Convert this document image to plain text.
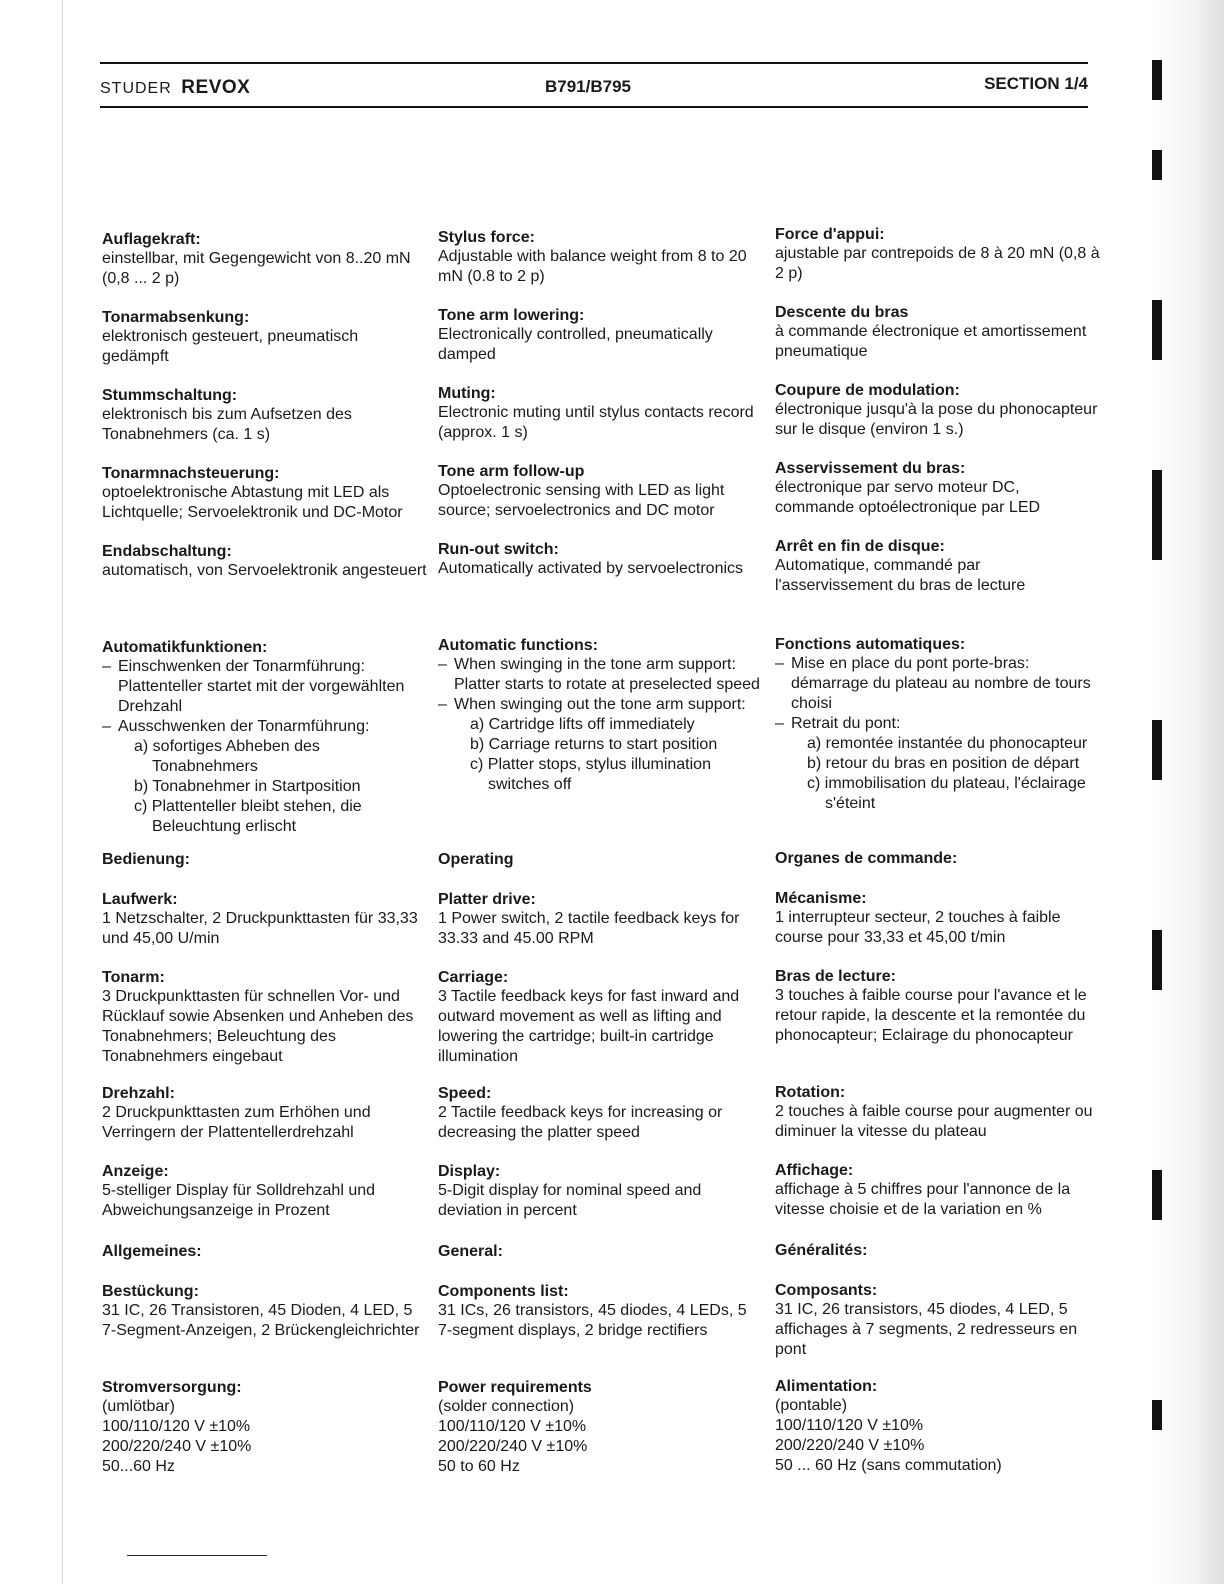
STUDER REVOX	B791/B795	SECTION 1/4
Auflagekraft:

einstellbar, mit Gegengewicht von 8..20 mN (0,8 ... 2 p)

Tonarmabsenkung:

elektronisch gesteuert, pneumatisch gedämpft

Stummschaltung:

elektronisch bis zum Aufsetzen des Tonabnehmers (ca. 1 s)

Tonarmnachsteuerung:

optoelektronische Abtastung mit LED als Lichtquelle; Servoelektronik und DC-Motor

Endabschaltung:

automatisch, von Servoelektronik angesteuert

Automatikfunktionen:
– Einschwenken der Tonarmführung:
Plattenteller startet mit der vorgewählten Drehzahl
– Ausschwenken der Tonarmführung:
a) sofortiges Abheben des Tonabnehmers
b) Tonabnehmer in Startposition
c) Plattenteller bleibt stehen, die Beleuchtung erlischt

Bedienung:

Laufwerk:

1 Netzschalter, 2 Druckpunkttasten für 33,33 und 45,00 U/min

Tonarm:

3 Druckpunkttasten für schnellen Vor- und Rücklauf sowie Absenken und Anheben des Tonabnehmers; Beleuchtung des Tonabnehmers eingebaut

Drehzahl:

2 Druckpunkttasten zum Erhöhen und Verringern der Plattentellerdrehzahl

Anzeige:

5-stelliger Display für Solldrehzahl und Abweichungsanzeige in Prozent

Allgemeines:

Bestückung:

31 IC, 26 Transistoren, 45 Dioden, 4 LED, 5 7-Segment-Anzeigen, 2 Brückengleichrichter

Stromversorgung:

(umlötbar)

100/110/120 V ±10%

200/220/240 V ±10%

50...60 Hz

Stylus force:

Adjustable with balance weight from 8 to 20 mN (0.8 to 2 p)

Tone arm lowering:

Electronically controlled, pneumatically damped

Muting:

Electronic muting until stylus contacts record (approx. 1 s)

Tone arm follow-up

Optoelectronic sensing with LED as light source; servoelectronics and DC motor

Run-out switch:

Automatically activated by servoelectronics

Automatic functions:
– When swinging in the tone arm support:
Platter starts to rotate at preselected speed
– When swinging out the tone arm support:
a) Cartridge lifts off immediately
b) Carriage returns to start position
c) Platter stops, stylus illumination switches off

Operating

Platter drive:

1 Power switch, 2 tactile feedback keys for 33.33 and 45.00 RPM

Carriage:

3 Tactile feedback keys for fast inward and outward movement as well as lifting and lowering the cartridge; built-in cartridge illumination

Speed:

2 Tactile feedback keys for increasing or decreasing the platter speed

Display:

5-Digit display for nominal speed and deviation in percent

General:

Components list:

31 ICs, 26 transistors, 45 diodes, 4 LEDs, 5 7-segment displays, 2 bridge rectifiers

Power requirements

(solder connection)

100/110/120 V ±10%

200/220/240 V ±10%

50 to 60 Hz

Force d'appui:

ajustable par contrepoids de 8 à 20 mN (0,8 à 2 p)

Descente du bras

à commande électronique et amortissement pneumatique

Coupure de modulation:

électronique jusqu'à la pose du phonocapteur sur le disque (environ 1 s.)

Asservissement du bras:

électronique par servo moteur DC, commande optoélectronique par LED

Arrêt en fin de disque:

Automatique, commandé par l'asservissement du bras de lecture

Fonctions automatiques:
– Mise en place du pont porte-bras:
démarrage du plateau au nombre de tours choisi
– Retrait du pont:
a) remontée instantée du phonocapteur
b) retour du bras en position de départ
c) immobilisation du plateau, l'éclairage s'éteint

Organes de commande:

Mécanisme:

1 interrupteur secteur, 2 touches à faible course pour 33,33 et 45,00 t/min

Bras de lecture:

3 touches à faible course pour l'avance et le retour rapide, la descente et la remontée du phonocapteur; Eclairage du phonocapteur

Rotation:

2 touches à faible course pour augmenter ou diminuer la vitesse du plateau

Affichage:

affichage à 5 chiffres pour l'annonce de la vitesse choisie et de la variation en %

Généralités:

Composants:

31 IC, 26 transistors, 45 diodes, 4 LED, 5 affichages à 7 segments, 2 redresseurs en pont

Alimentation:

(pontable)

100/110/120 V ±10%

200/220/240 V ±10%

50 ... 60 Hz (sans commutation)
